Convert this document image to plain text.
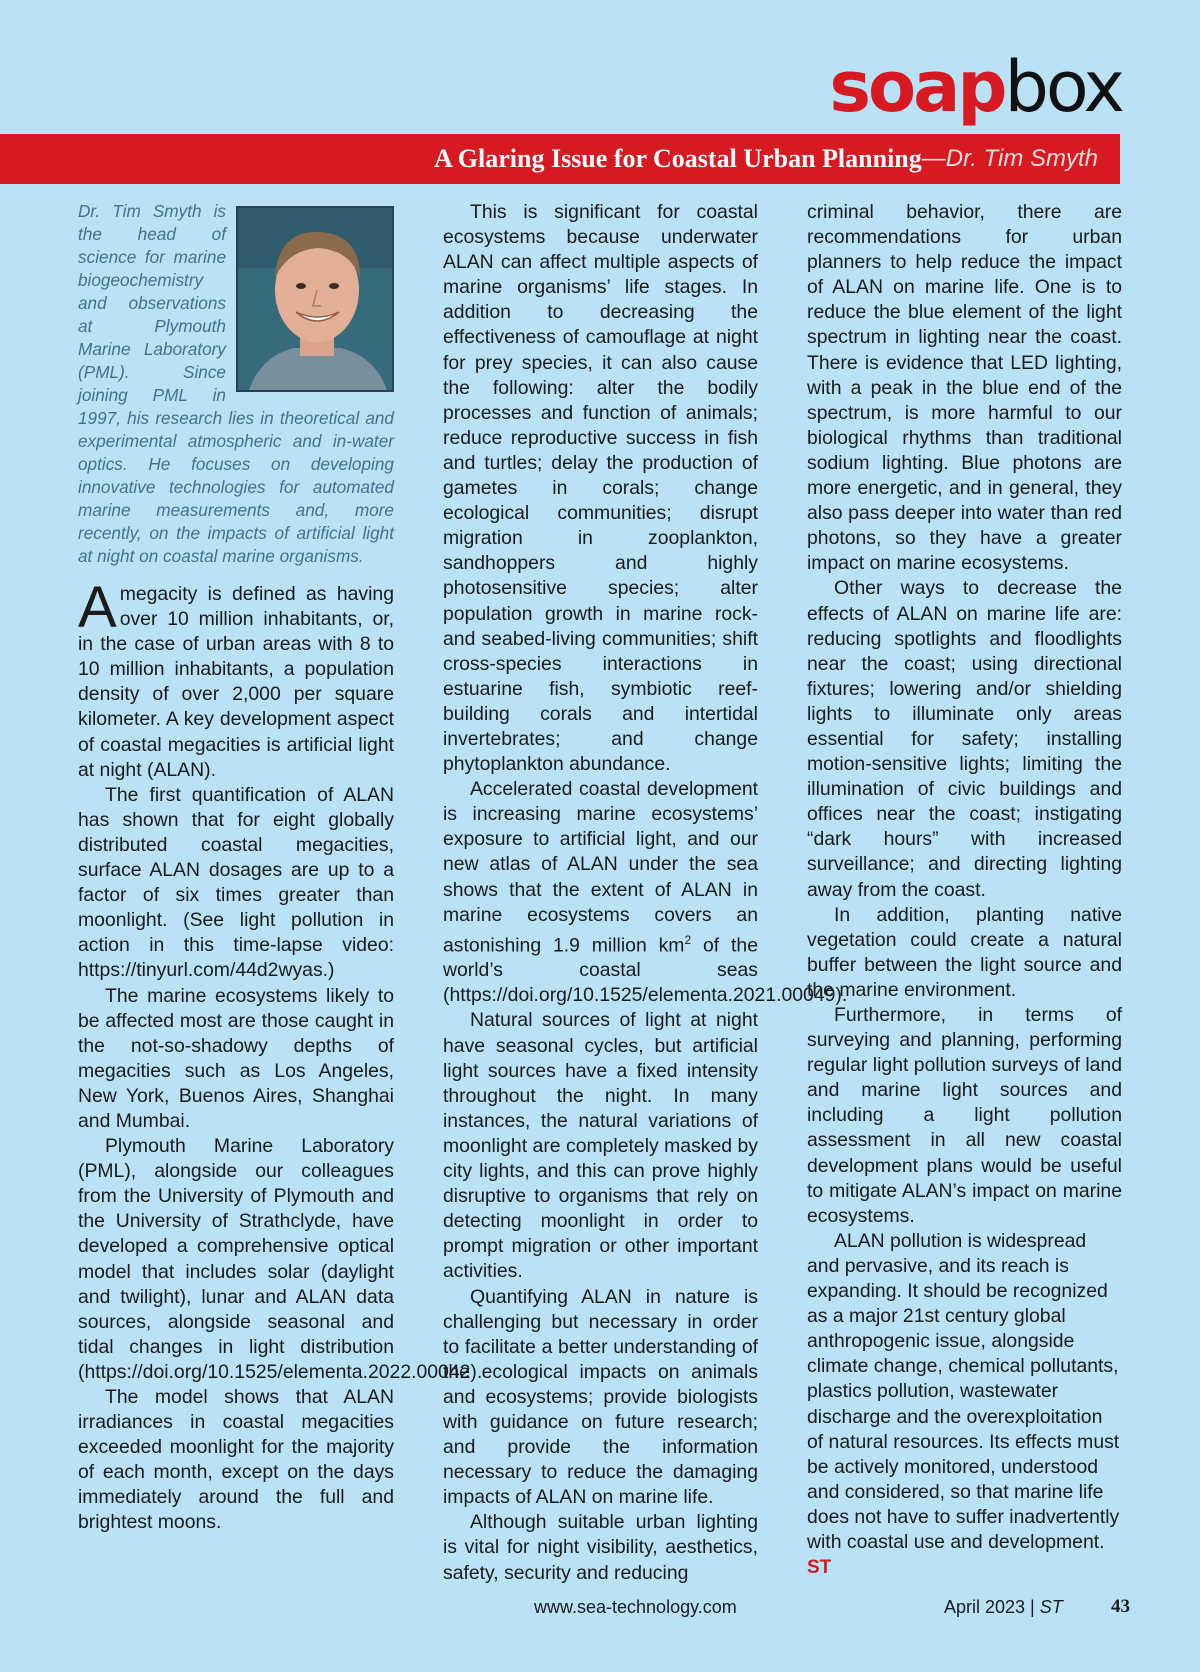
soapbox
A Glaring Issue for Coastal Urban Planning —Dr. Tim Smyth
Dr. Tim Smyth is the head of science for marine biogeochemistry and observations at Plymouth Marine Laboratory (PML). Since joining PML in 1997, his research lies in theoretical and experimental atmospheric and in-water optics. He focuses on developing innovative technologies for automated marine measurements and, more recently, on the impacts of artificial light at night on coastal marine organisms.

Amegacity is defined as having over 10 million inhabitants, or, in the case of urban areas with 8 to 10 million inhabitants, a population density of over 2,000 per square kilometer. A key development aspect of coastal megacities is artificial light at night (ALAN).

The first quantification of ALAN has shown that for eight globally distributed coastal megacities, surface ALAN dosages are up to a factor of six times greater than moonlight. (See light pollution in action in this time-lapse video: https://tinyurl.com/44d2wyas.)

The marine ecosystems likely to be affected most are those caught in the not-so-shadowy depths of megacities such as Los Angeles, New York, Buenos Aires, Shanghai and Mumbai.

Plymouth Marine Laboratory (PML), alongside our colleagues from the University of Plymouth and the University of Strathclyde, have developed a comprehensive optical model that includes solar (daylight and twilight), lunar and ALAN data sources, alongside seasonal and tidal changes in light distribution (https://doi.org/10.1525/elementa.2022.00042).

The model shows that ALAN irradiances in coastal megacities exceeded moonlight for the majority of each month, except on the days immediately around the full and brightest moons.

This is significant for coastal ecosystems because underwater ALAN can affect multiple aspects of marine organisms’ life stages. In addition to decreasing the effectiveness of camouflage at night for prey species, it can also cause the following: alter the bodily processes and function of animals; reduce reproductive success in fish and turtles; delay the production of gametes in corals; change ecological communities; disrupt migration in zooplankton, sandhoppers and highly photosensitive species; alter population growth in marine rock- and seabed-living communities; shift cross-species interactions in estuarine fish, symbiotic reef-building corals and intertidal invertebrates; and change phytoplankton abundance.

Accelerated coastal development is increasing marine ecosystems’ exposure to artificial light, and our new atlas of ALAN under the sea shows that the extent of ALAN in marine ecosystems covers an astonishing 1.9 million $km^2$ of the world’s coastal seas (https://doi.org/10.1525/elementa.2021.00049).

Natural sources of light at night have seasonal cycles, but artificial light sources have a fixed intensity throughout the night. In many instances, the natural variations of moonlight are completely masked by city lights, and this can prove highly disruptive to organisms that rely on detecting moonlight in order to prompt migration or other important activities.

Quantifying ALAN in nature is challenging but necessary in order to facilitate a better understanding of the ecological impacts on animals and ecosystems; provide biologists with guidance on future research; and provide the information necessary to reduce the damaging impacts of ALAN on marine life.

Although suitable urban lighting is vital for night visibility, aesthetics, safety, security and reducing

criminal behavior, there are recommendations for urban planners to help reduce the impact of ALAN on marine life. One is to reduce the blue element of the light spectrum in lighting near the coast. There is evidence that LED lighting, with a peak in the blue end of the spectrum, is more harmful to our biological rhythms than traditional sodium lighting. Blue photons are more energetic, and in general, they also pass deeper into water than red photons, so they have a greater impact on marine ecosystems.

Other ways to decrease the effects of ALAN on marine life are: reducing spotlights and floodlights near the coast; using directional fixtures; lowering and/or shielding lights to illuminate only areas essential for safety; installing motion-sensitive lights; limiting the illumination of civic buildings and offices near the coast; instigating “dark hours” with increased surveillance; and directing lighting away from the coast.

In addition, planting native vegetation could create a natural buffer between the light source and the marine environment.

Furthermore, in terms of surveying and planning, performing regular light pollution surveys of land and marine light sources and including a light pollution assessment in all new coastal development plans would be useful to mitigate ALAN’s impact on marine ecosystems.

ALAN pollution is widespread and pervasive, and its reach is expanding. It should be recognized as a major 21st century global anthropogenic issue, alongside climate change, chemical pollutants, plastics pollution, wastewater discharge and the overexploitation of natural resources. Its effects must be actively monitored, understood and considered, so that marine life does not have to suffer inadvertently with coastal use and development. ST

www.sea-technology.com	April 2023 | ST	43
